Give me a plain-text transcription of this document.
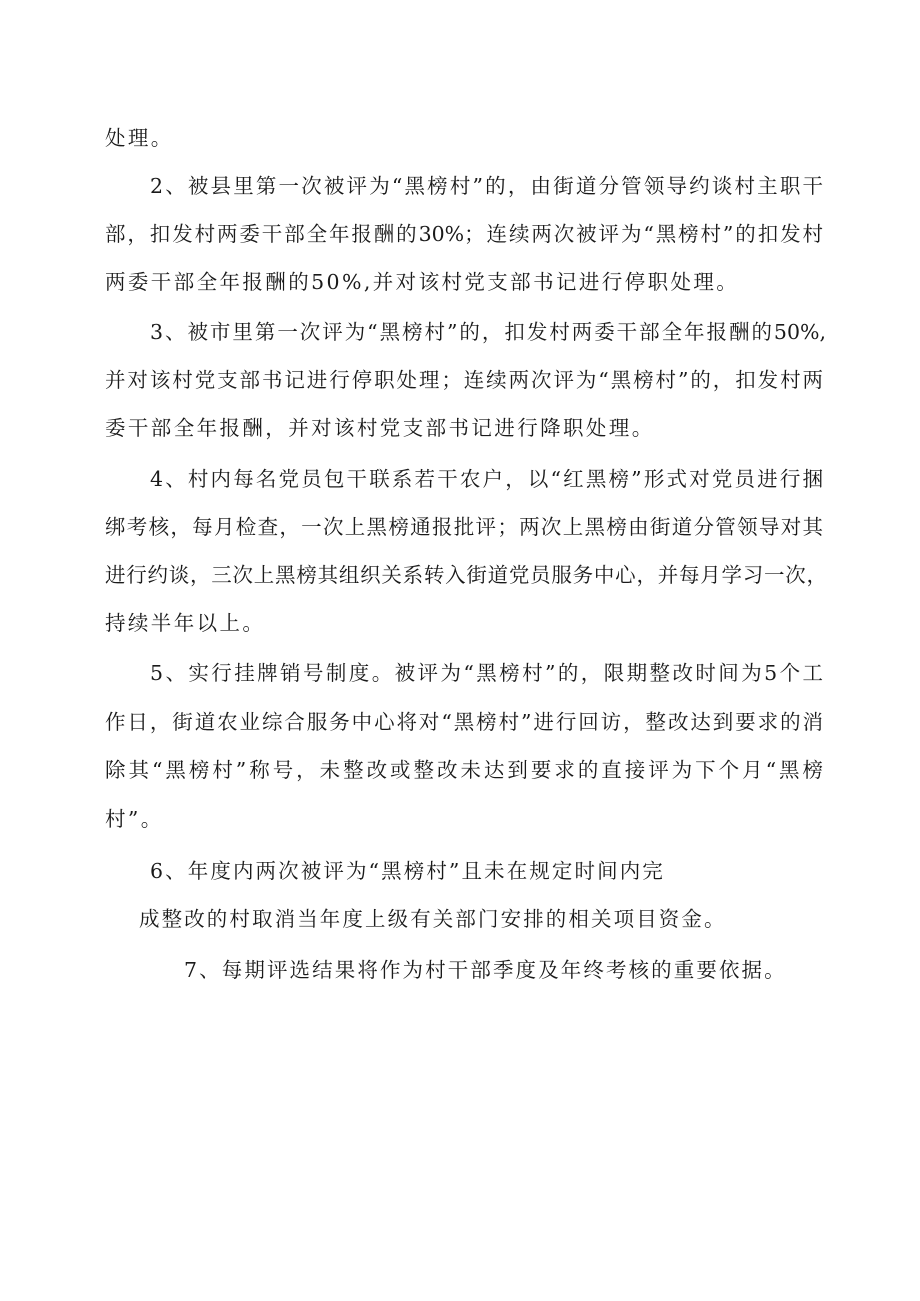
处理。
2、被县里第一次被评为“黑榜村”的，由街道分管领导约谈村主职干
部，扣发村两委干部全年报酬的30%；连续两次被评为“黑榜村”的扣发村
两委干部全年报酬的50%,并对该村党支部书记进行停职处理。
3、被市里第一次评为“黑榜村”的，扣发村两委干部全年报酬的50%,
并对该村党支部书记进行停职处理；连续两次评为“黑榜村”的，扣发村两
委干部全年报酬，并对该村党支部书记进行降职处理。
4、村内每名党员包干联系若干农户，以“红黑榜”形式对党员进行捆
绑考核，每月检查，一次上黑榜通报批评；两次上黑榜由街道分管领导对其
进行约谈，三次上黑榜其组织关系转入街道党员服务中心，并每月学习一次，
持续半年以上。
5、实行挂牌销号制度。被评为“黑榜村”的，限期整改时间为5个工
作日，街道农业综合服务中心将对“黑榜村”进行回访，整改达到要求的消
除其“黑榜村”称号，未整改或整改未达到要求的直接评为下个月“黑榜
村”。
6、年度内两次被评为“黑榜村”且未在规定时间内完
成整改的村取消当年度上级有关部门安排的相关项目资金。
7、每期评选结果将作为村干部季度及年终考核的重要依据。
